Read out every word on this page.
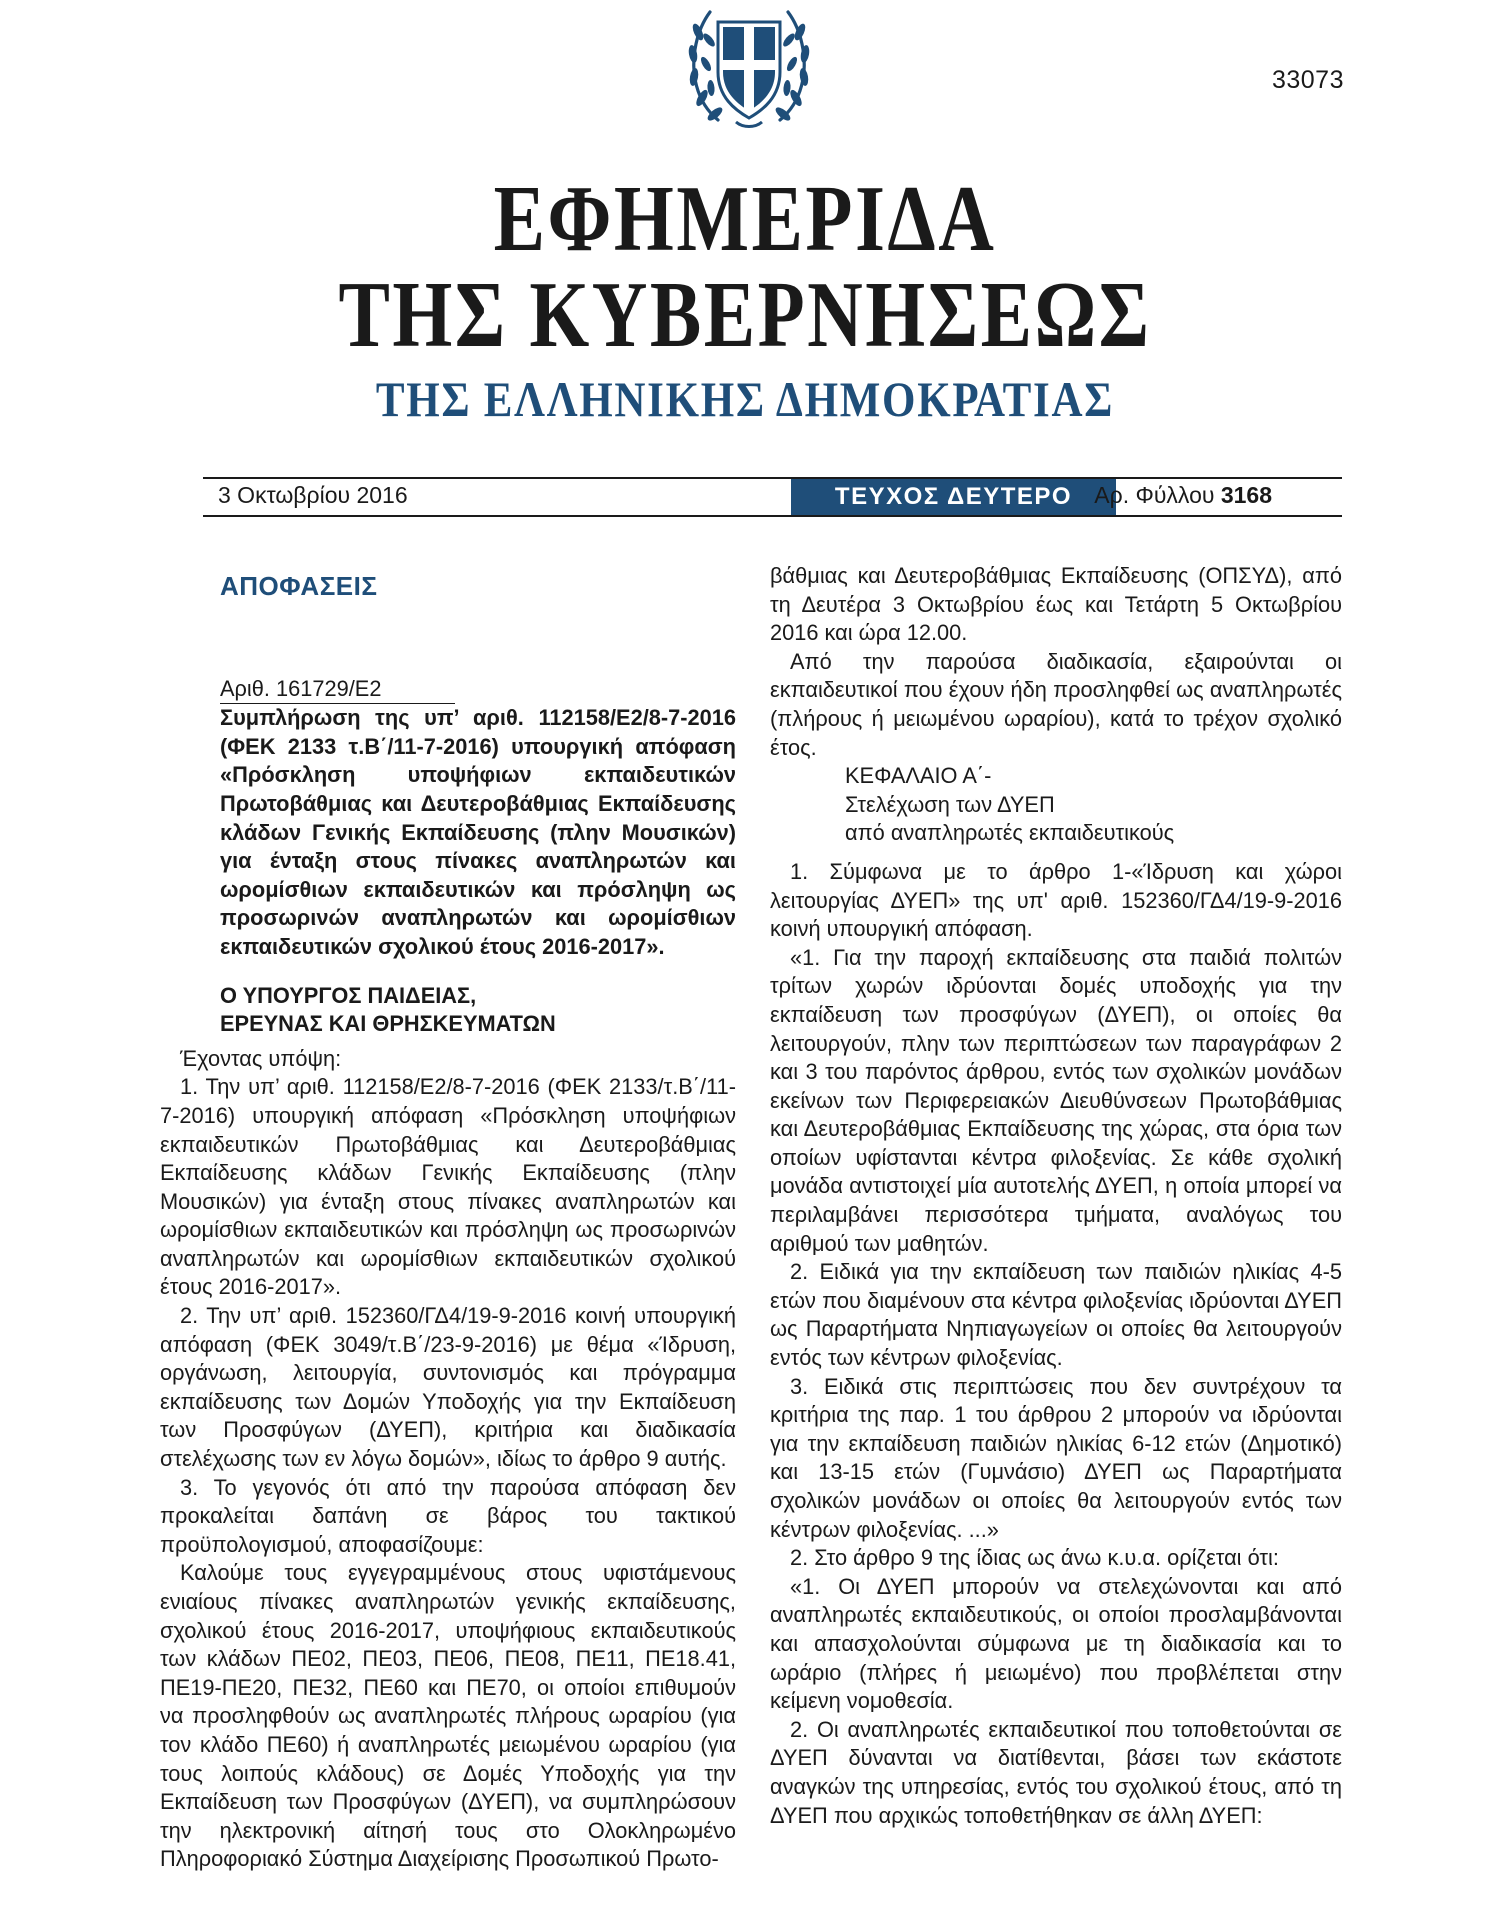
33073
ΕΦΗΜΕΡΙΔΑ
ΤΗΣ ΚΥΒΕΡΝΗΣΕΩΣ
ΤΗΣ ΕΛΛΗΝΙΚΗΣ ΔΗΜΟΚΡΑΤΙΑΣ
3 Οκτωβρίου 2016	ΤΕΥΧΟΣ ΔΕΥΤΕΡΟ Αρ. Φύλλου 3168
ΑΠΟΦΑΣΕΙΣ
Αριθ. 161729/Ε2

Συμπλήρωση της υπ’ αριθ. 112158/Ε2/8-7-2016 (ΦΕΚ 2133 τ.Β΄/11-7-2016) υπουργική απόφαση «Πρόσκληση υποψήφιων εκπαιδευτικών Πρωτοβάθμιας και Δευτεροβάθμιας Εκπαίδευσης κλάδων Γενικής Εκπαίδευσης (πλην Μουσικών) για ένταξη στους πίνακες αναπληρωτών και ωρομίσθιων εκπαιδευτικών και πρόσληψη ως προσωρινών αναπληρωτών και ωρομίσθιων εκπαιδευτικών σχολικού έτους 2016-2017».

Ο ΥΠΟΥΡΓΟΣ ΠΑΙΔΕΙΑΣ,
ΕΡΕΥΝΑΣ ΚΑΙ ΘΡΗΣΚΕΥΜΑΤΩΝ

Έχοντας υπόψη:

1. Την υπ’ αριθ. 112158/Ε2/8-7-2016 (ΦΕΚ 2133/τ.Β΄/11-7-2016) υπουργική απόφαση «Πρόσκληση υποψήφιων εκπαιδευτικών Πρωτοβάθμιας και Δευτεροβάθμιας Εκπαίδευσης κλάδων Γενικής Εκπαίδευσης (πλην Μουσικών) για ένταξη στους πίνακες αναπληρωτών και ωρομίσθιων εκπαιδευτικών και πρόσληψη ως προσωρινών αναπληρωτών και ωρομίσθιων εκπαιδευτικών σχολικού έτους 2016-2017».

2. Την υπ’ αριθ. 152360/ΓΔ4/19-9-2016 κοινή υπουργική απόφαση (ΦΕΚ 3049/τ.Β΄/23-9-2016) με θέμα «Ίδρυση, οργάνωση, λειτουργία, συντονισμός και πρόγραμμα εκπαίδευσης των Δομών Υποδοχής για την Εκπαίδευση των Προσφύγων (ΔΥΕΠ), κριτήρια και διαδικασία στελέχωσης των εν λόγω δομών», ιδίως το άρθρο 9 αυτής.

3. Το γεγονός ότι από την παρούσα απόφαση δεν προκαλείται δαπάνη σε βάρος του τακτικού προϋπολογισμού, αποφασίζουμε:

Καλούμε τους εγγεγραμμένους στους υφιστάμενους ενιαίους πίνακες αναπληρωτών γενικής εκπαίδευσης, σχολικού έτους 2016-2017, υποψήφιους εκπαιδευτικούς των κλάδων ΠΕ02, ΠΕ03, ΠΕ06, ΠΕ08, ΠΕ11, ΠΕ18.41, ΠΕ19-ΠΕ20, ΠΕ32, ΠΕ60 και ΠΕ70, οι οποίοι επιθυμούν να προσληφθούν ως αναπληρωτές πλήρους ωραρίου (για τον κλάδο ΠΕ60) ή αναπληρωτές μειωμένου ωραρίου (για τους λοιπούς κλάδους) σε Δομές Υποδοχής για την Εκπαίδευση των Προσφύγων (ΔΥΕΠ), να συμπληρώσουν την ηλεκτρονική αίτησή τους στο Ολοκληρωμένο Πληροφοριακό Σύστημα Διαχείρισης Προσωπικού Πρωτο-

βάθμιας και Δευτεροβάθμιας Εκπαίδευσης (ΟΠΣΥΔ), από τη Δευτέρα 3 Οκτωβρίου έως και Τετάρτη 5 Οκτωβρίου 2016 και ώρα 12.00.

Από την παρούσα διαδικασία, εξαιρούνται οι εκπαιδευτικοί που έχουν ήδη προσληφθεί ως αναπληρωτές (πλήρους ή μειωμένου ωραρίου), κατά το τρέχον σχολικό έτος.

ΚΕΦΑΛΑΙΟ Α΄-
Στελέχωση των ΔΥΕΠ
από αναπληρωτές εκπαιδευτικούς

1. Σύμφωνα με το άρθρο 1-«Ίδρυση και χώροι λειτουργίας ΔΥΕΠ» της υπ' αριθ. 152360/ΓΔ4/19-9-2016 κοινή υπουργική απόφαση.

«1. Για την παροχή εκπαίδευσης στα παιδιά πολιτών τρίτων χωρών ιδρύονται δομές υποδοχής για την εκπαίδευση των προσφύγων (ΔΥΕΠ), οι οποίες θα λειτουργούν, πλην των περιπτώσεων των παραγράφων 2 και 3 του παρόντος άρθρου, εντός των σχολικών μονάδων εκείνων των Περιφερειακών Διευθύνσεων Πρωτοβάθμιας και Δευτεροβάθμιας Εκπαίδευσης της χώρας, στα όρια των οποίων υφίστανται κέντρα φιλοξενίας. Σε κάθε σχολική μονάδα αντιστοιχεί μία αυτοτελής ΔΥΕΠ, η οποία μπορεί να περιλαμβάνει περισσότερα τμήματα, αναλόγως του αριθμού των μαθητών.

2. Ειδικά για την εκπαίδευση των παιδιών ηλικίας 4-5 ετών που διαμένουν στα κέντρα φιλοξενίας ιδρύονται ΔΥΕΠ ως Παραρτήματα Νηπιαγωγείων οι οποίες θα λειτουργούν εντός των κέντρων φιλοξενίας.

3. Ειδικά στις περιπτώσεις που δεν συντρέχουν τα κριτήρια της παρ. 1 του άρθρου 2 μπορούν να ιδρύονται για την εκπαίδευση παιδιών ηλικίας 6-12 ετών (Δημοτικό) και 13-15 ετών (Γυμνάσιο) ΔΥΕΠ ως Παραρτήματα σχολικών μονάδων οι οποίες θα λειτουργούν εντός των κέντρων φιλοξενίας. ...»

2. Στο άρθρο 9 της ίδιας ως άνω κ.υ.α. ορίζεται ότι:

«1. Οι ΔΥΕΠ μπορούν να στελεχώνονται και από αναπληρωτές εκπαιδευτικούς, οι οποίοι προσλαμβάνονται και απασχολούνται σύμφωνα με τη διαδικασία και το ωράριο (πλήρες ή μειωμένο) που προβλέπεται στην κείμενη νομοθεσία.

2. Οι αναπληρωτές εκπαιδευτικοί που τοποθετούνται σε ΔΥΕΠ δύνανται να διατίθενται, βάσει των εκάστοτε αναγκών της υπηρεσίας, εντός του σχολικού έτους, από τη ΔΥΕΠ που αρχικώς τοποθετήθηκαν σε άλλη ΔΥΕΠ:
